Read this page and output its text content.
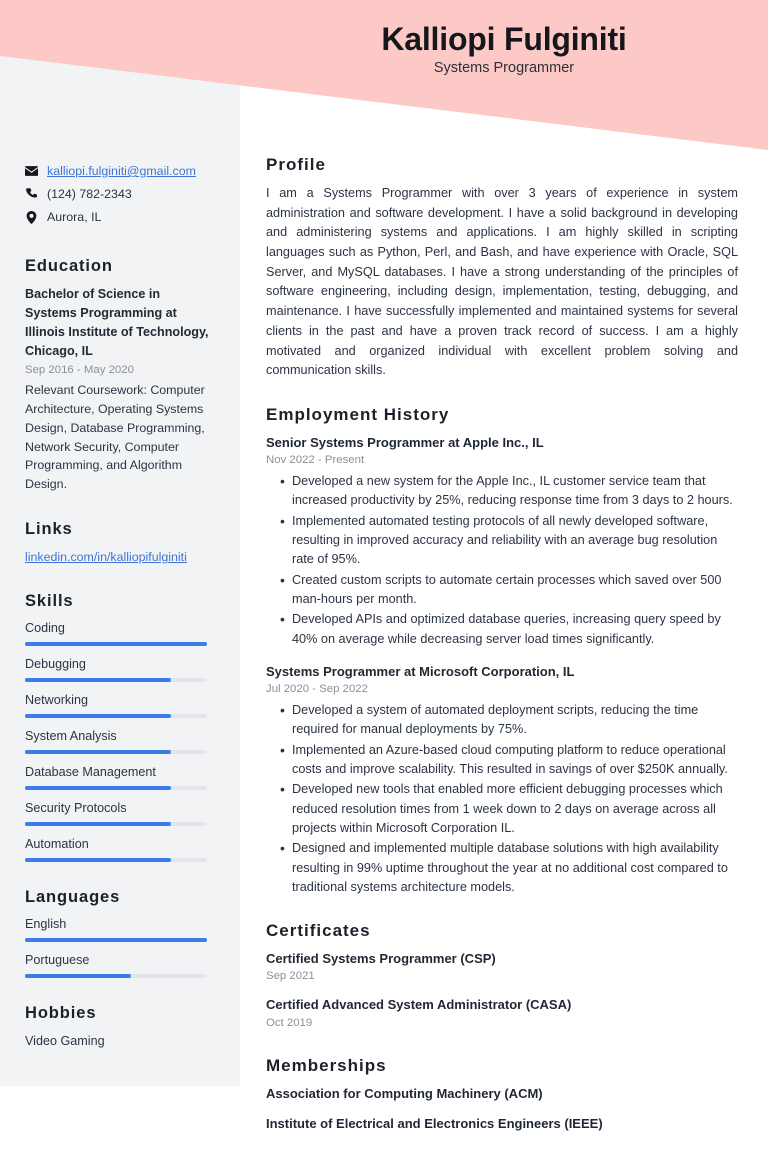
Kalliopi Fulginiti
Systems Programmer
kalliopi.fulginiti@gmail.com
(124) 782-2343
Aurora, IL
Education
Bachelor of Science in Systems Programming at Illinois Institute of Technology, Chicago, IL
Sep 2016 - May 2020
Relevant Coursework: Computer Architecture, Operating Systems Design, Database Programming, Network Security, Computer Programming, and Algorithm Design.
Links
linkedin.com/in/kalliopifulginiti
Skills
Coding
Debugging
Networking
System Analysis
Database Management
Security Protocols
Automation
Languages
English
Portuguese
Hobbies
Video Gaming
Profile
I am a Systems Programmer with over 3 years of experience in system administration and software development. I have a solid background in developing and administering systems and applications. I am highly skilled in scripting languages such as Python, Perl, and Bash, and have experience with Oracle, SQL Server, and MySQL databases. I have a strong understanding of the principles of software engineering, including design, implementation, testing, debugging, and maintenance. I have successfully implemented and maintained systems for several clients in the past and have a proven track record of success. I am a highly motivated and organized individual with excellent problem solving and communication skills.
Employment History
Senior Systems Programmer at Apple Inc., IL
Nov 2022 - Present
• Developed a new system for the Apple Inc., IL customer service team that increased productivity by 25%, reducing response time from 3 days to 2 hours.
• Implemented automated testing protocols of all newly developed software, resulting in improved accuracy and reliability with an average bug resolution rate of 95%.
• Created custom scripts to automate certain processes which saved over 500 man-hours per month.
• Developed APIs and optimized database queries, increasing query speed by 40% on average while decreasing server load times significantly.
Systems Programmer at Microsoft Corporation, IL
Jul 2020 - Sep 2022
• Developed a system of automated deployment scripts, reducing the time required for manual deployments by 75%.
• Implemented an Azure-based cloud computing platform to reduce operational costs and improve scalability. This resulted in savings of over $250K annually.
• Developed new tools that enabled more efficient debugging processes which reduced resolution times from 1 week down to 2 days on average across all projects within Microsoft Corporation IL.
• Designed and implemented multiple database solutions with high availability resulting in 99% uptime throughout the year at no additional cost compared to traditional systems architecture models.
Certificates
Certified Systems Programmer (CSP)
Sep 2021
Certified Advanced System Administrator (CASA)
Oct 2019
Memberships
Association for Computing Machinery (ACM)
Institute of Electrical and Electronics Engineers (IEEE)
